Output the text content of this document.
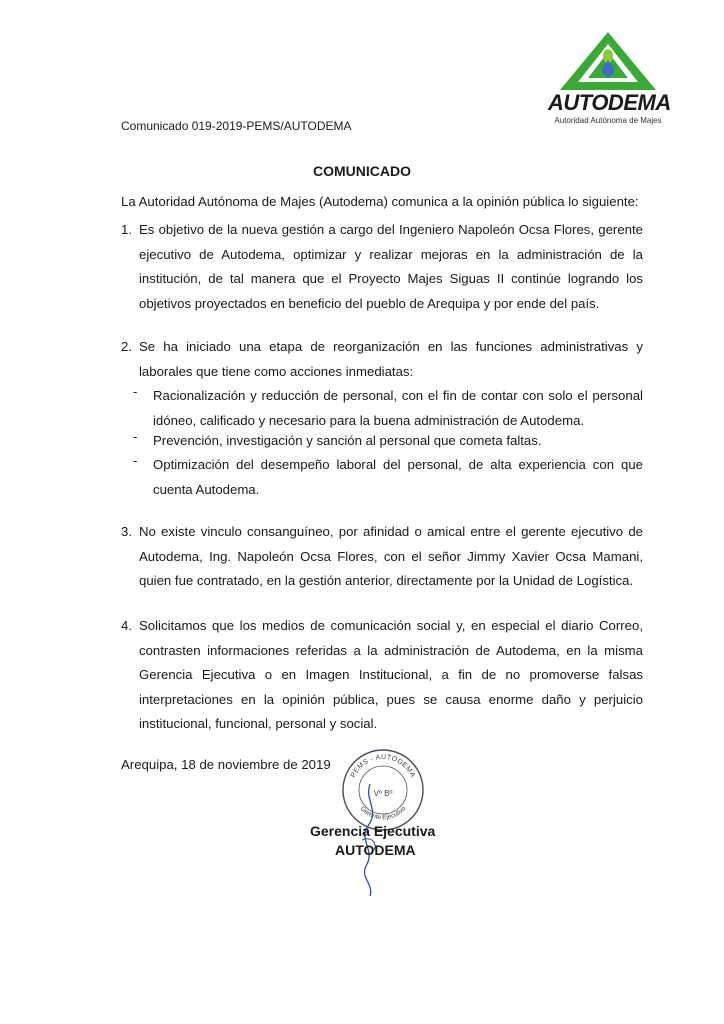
AUTODEMA
Autoridad Autónoma de Majes
Comunicado 019-2019-PEMS/AUTODEMA
COMUNICADO
La Autoridad Autónoma de Majes (Autodema) comunica a la opinión pública lo siguiente:
1. Es objetivo de la nueva gestión a cargo del Ingeniero Napoleón Ocsa Flores, gerente ejecutivo de Autodema, optimizar y realizar mejoras en la administración de la institución, de tal manera que el Proyecto Majes Siguas II continúe logrando los objetivos proyectados en beneficio del pueblo de Arequipa y por ende del país.
2. Se ha iniciado una etapa de reorganización en las funciones administrativas y laborales que tiene como acciones inmediatas:
- Racionalización y reducción de personal, con el fin de contar con solo el personal idóneo, calificado y necesario para la buena administración de Autodema.
- Prevención, investigación y sanción al personal que cometa faltas.
- Optimización del desempeño laboral del personal, de alta experiencia con que cuenta Autodema.
3. No existe vinculo consanguíneo, por afinidad o amical entre el gerente ejecutivo de Autodema, Ing. Napoleón Ocsa Flores, con el señor Jimmy Xavier Ocsa Mamani, quien fue contratado, en la gestión anterior, directamente por la Unidad de Logística.
4. Solicitamos que los medios de comunicación social y, en especial el diario Correo, contrasten informaciones referidas a la administración de Autodema, en la misma Gerencia Ejecutiva o en Imagen Institucional, a fin de no promoverse falsas interpretaciones en la opinión pública, pues se causa enorme daño y perjuicio institucional, funcional, personal y social.
Arequipa, 18 de noviembre de 2019
PEMS - AUTODEMA
Vº Bº
Gerente Ejecutivo
Gerencia Ejecutiva
AUTODEMA
